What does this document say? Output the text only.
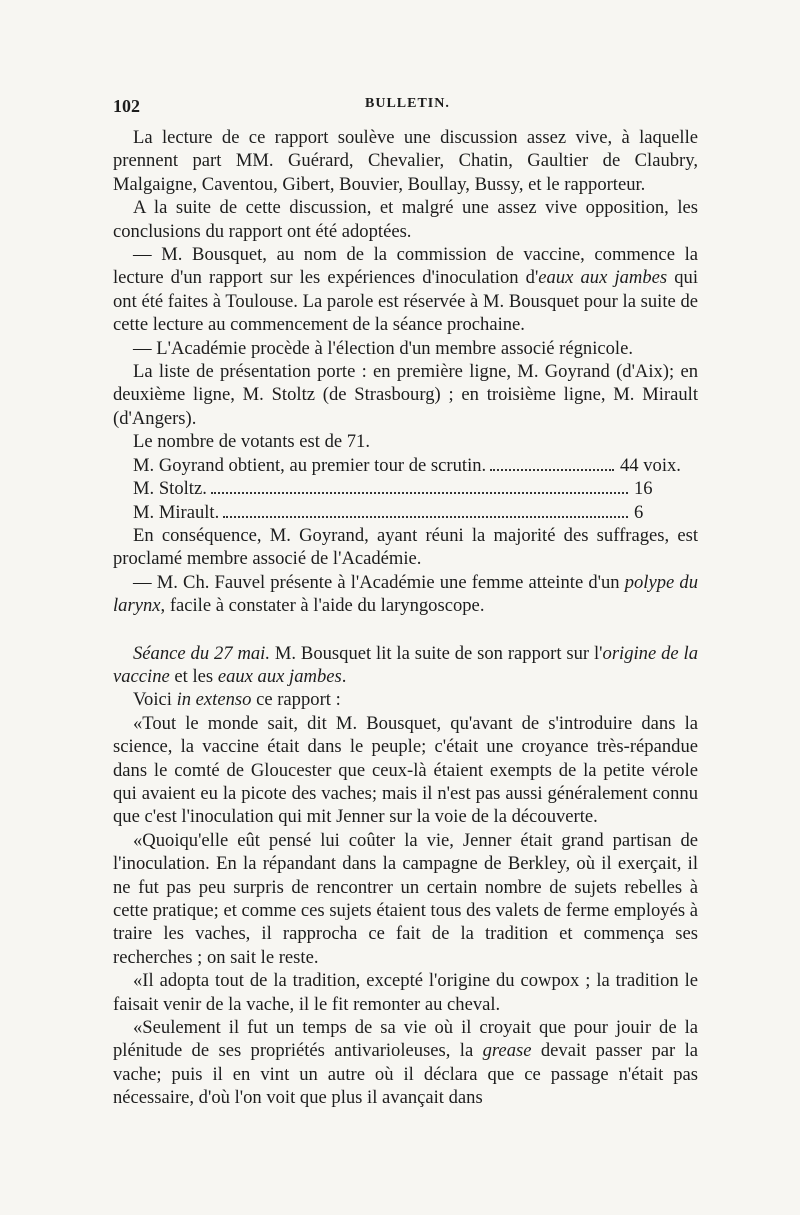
102	BULLETIN.

La lecture de ce rapport soulève une discussion assez vive, à laquelle prennent part MM. Guérard, Chevalier, Chatin, Gaultier de Claubry, Malgaigne, Caventou, Gibert, Bouvier, Boullay, Bussy, et le rapporteur.

A la suite de cette discussion, et malgré une assez vive opposition, les conclusions du rapport ont été adoptées.

— M. Bousquet, au nom de la commission de vaccine, commence la lecture d'un rapport sur les expériences d'inoculation d'eaux aux jambes qui ont été faites à Toulouse. La parole est réservée à M. Bousquet pour la suite de cette lecture au commencement de la séance prochaine.

— L'Académie procède à l'élection d'un membre associé régnicole.

La liste de présentation porte : en première ligne, M. Goyrand (d'Aix); en deuxième ligne, M. Stoltz (de Strasbourg) ; en troisième ligne, M. Mirault (d'Angers).

Le nombre de votants est de 71.

M. Goyrand obtient, au premier tour de scrutin.	44 voix.
M. Stoltz.	16
M. Mirault.	6

En conséquence, M. Goyrand, ayant réuni la majorité des suffrages, est proclamé membre associé de l'Académie.

— M. Ch. Fauvel présente à l'Académie une femme atteinte d'un polype du larynx, facile à constater à l'aide du laryngoscope.

Séance du 27 mai. M. Bousquet lit la suite de son rapport sur l'origine de la vaccine et les eaux aux jambes.

Voici in extenso ce rapport :

«Tout le monde sait, dit M. Bousquet, qu'avant de s'introduire dans la science, la vaccine était dans le peuple; c'était une croyance très-répandue dans le comté de Gloucester que ceux-là étaient exempts de la petite vérole qui avaient eu la picote des vaches; mais il n'est pas aussi généralement connu que c'est l'inoculation qui mit Jenner sur la voie de la découverte.

«Quoiqu'elle eût pensé lui coûter la vie, Jenner était grand partisan de l'inoculation. En la répandant dans la campagne de Berkley, où il exerçait, il ne fut pas peu surpris de rencontrer un certain nombre de sujets rebelles à cette pratique; et comme ces sujets étaient tous des valets de ferme employés à traire les vaches, il rapprocha ce fait de la tradition et commença ses recherches ; on sait le reste.

«Il adopta tout de la tradition, excepté l'origine du cowpox ; la tradition le faisait venir de la vache, il le fit remonter au cheval.

«Seulement il fut un temps de sa vie où il croyait que pour jouir de la plénitude de ses propriétés antivarioleuses, la grease devait passer par la vache; puis il en vint un autre où il déclara que ce passage n'était pas nécessaire, d'où l'on voit que plus il avançait dans
